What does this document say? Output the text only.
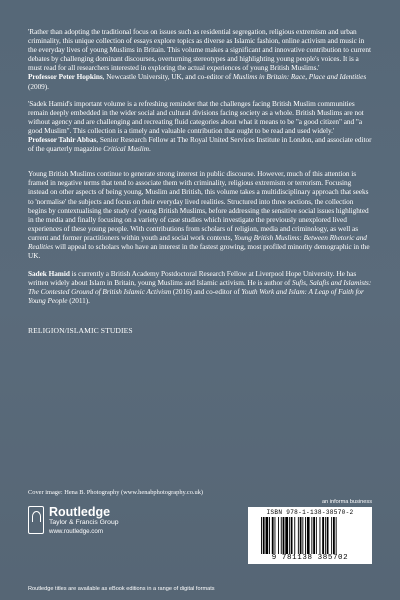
'Rather than adopting the traditional focus on issues such as residential segregation, religious extremism and urban criminality, this unique collection of essays explore topics as diverse as Islamic fashion, online activism and music in the everyday lives of young Muslims in Britain. This volume makes a significant and innovative contribution to current debates by challenging dominant discourses, overturning stereotypes and highlighting young people's voices. It is a must read for all researchers interested in exploring the actual experiences of young British Muslims.'

Professor Peter Hopkins, Newcastle University, UK, and co-editor of Muslims in Britain: Race, Place and Identities (2009).

'Sadek Hamid's important volume is a refreshing reminder that the challenges facing British Muslim communities remain deeply embedded in the wider social and cultural divisions facing society as a whole. British Muslims are not without agency and are challenging and recreating fluid categories about what it means to be "a good citizen" and "a good Muslim". This collection is a timely and valuable contribution that ought to be read and used widely.'

Professor Tahir Abbas, Senior Research Fellow at The Royal United Services Institute in London, and associate editor of the quarterly magazine Critical Muslim.

Young British Muslims continue to generate strong interest in public discourse. However, much of this attention is framed in negative terms that tend to associate them with criminality, religious extremism or terrorism. Focusing instead on other aspects of being young, Muslim and British, this volume takes a multidisciplinary approach that seeks to 'normalise' the subjects and focus on their everyday lived realities. Structured into three sections, the collection begins by contextualising the study of young British Muslims, before addressing the sensitive social issues highlighted in the media and finally focusing on a variety of case studies which investigate the previously unexplored lived experiences of these young people. With contributions from scholars of religion, media and criminology, as well as current and former practitioners within youth and social work contexts, Young British Muslims: Between Rhetoric and Realities will appeal to scholars who have an interest in the fastest growing, most profiled minority demographic in the UK.

Sadek Hamid is currently a British Academy Postdoctoral Research Fellow at Liverpool Hope University. He has written widely about Islam in Britain, young Muslims and Islamic activism. He is author of Sufis, Salafis and Islamists: The Contested Ground of British Islamic Activism (2016) and co-editor of Youth Work and Islam: A Leap of Faith for Young People (2011).

RELIGION/ISLAMIC STUDIES
Cover image: Hena B. Photography (www.henabphotography.co.uk)
an informa business
Routledge
Taylor & Francis Group
www.routledge.com
ISBN 978-1-138-38570-2
9 781138 385702
Routledge titles are available as eBook editions in a range of digital formats
